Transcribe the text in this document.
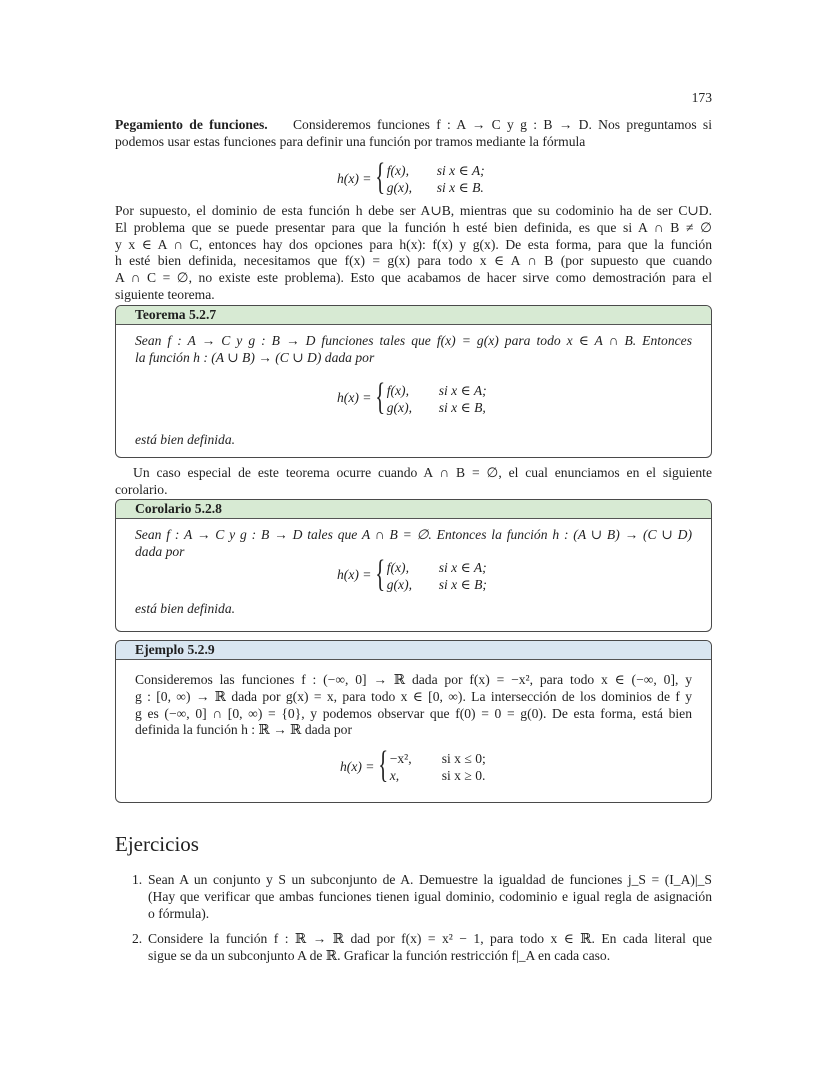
173
Pegamiento de funciones. Consideremos funciones f : A → C y g : B → D. Nos preguntamos si
podemos usar estas funciones para definir una función por tramos mediante la fórmula
h(x) = { f(x),	si x ∈ A;
g(x),	si x ∈ B.
Por supuesto, el dominio de esta función h debe ser A∪B, mientras que su codominio ha de ser C∪D.
El problema que se puede presentar para que la función h esté bien definida, es que si A ∩ B ≠ ∅
y x ∈ A ∩ C, entonces hay dos opciones para h(x): f(x) y g(x). De esta forma, para que la función
h esté bien definida, necesitamos que f(x) = g(x) para todo x ∈ A ∩ B (por supuesto que cuando
A ∩ C = ∅, no existe este problema). Esto que acabamos de hacer sirve como demostración para el
siguiente teorema.
Teorema 5.2.7
Sean f : A → C y g : B → D funciones tales que f(x) = g(x) para todo x ∈ A ∩ B. Entonces
la función h : (A ∪ B) → (C ∪ D) dada por
h(x) = { f(x),	si x ∈ A;
g(x),	si x ∈ B,
está bien definida.
Un caso especial de este teorema ocurre cuando A ∩ B = ∅, el cual enunciamos en el siguiente
corolario.
Corolario 5.2.8
Sean f : A → C y g : B → D tales que A ∩ B = ∅. Entonces la función h : (A ∪ B) → (C ∪ D)
dada por
h(x) = { f(x),	si x ∈ A;
g(x),	si x ∈ B;
está bien definida.
Ejemplo 5.2.9
Consideremos las funciones f : (−∞, 0] → ℝ dada por f(x) = −x², para todo x ∈ (−∞, 0], y
g : [0, ∞) → ℝ dada por g(x) = x, para todo x ∈ [0, ∞). La intersección de los dominios de f y
g es (−∞, 0] ∩ [0, ∞) = {0}, y podemos observar que f(0) = 0 = g(0). De esta forma, está bien
definida la función h : ℝ → ℝ dada por
h(x) = { −x²,	si x ≤ 0;
x,	si x ≥ 0.
Ejercicios
1. Sean A un conjunto y S un subconjunto de A. Demuestre la igualdad de funciones j_S = (I_A)|_S
(Hay que verificar que ambas funciones tienen igual dominio, codominio e igual regla de asignación
o fórmula).
2. Considere la función f : ℝ → ℝ dad por f(x) = x² − 1, para todo x ∈ ℝ. En cada literal que
sigue se da un subconjunto A de ℝ. Graficar la función restricción f|_A en cada caso.
